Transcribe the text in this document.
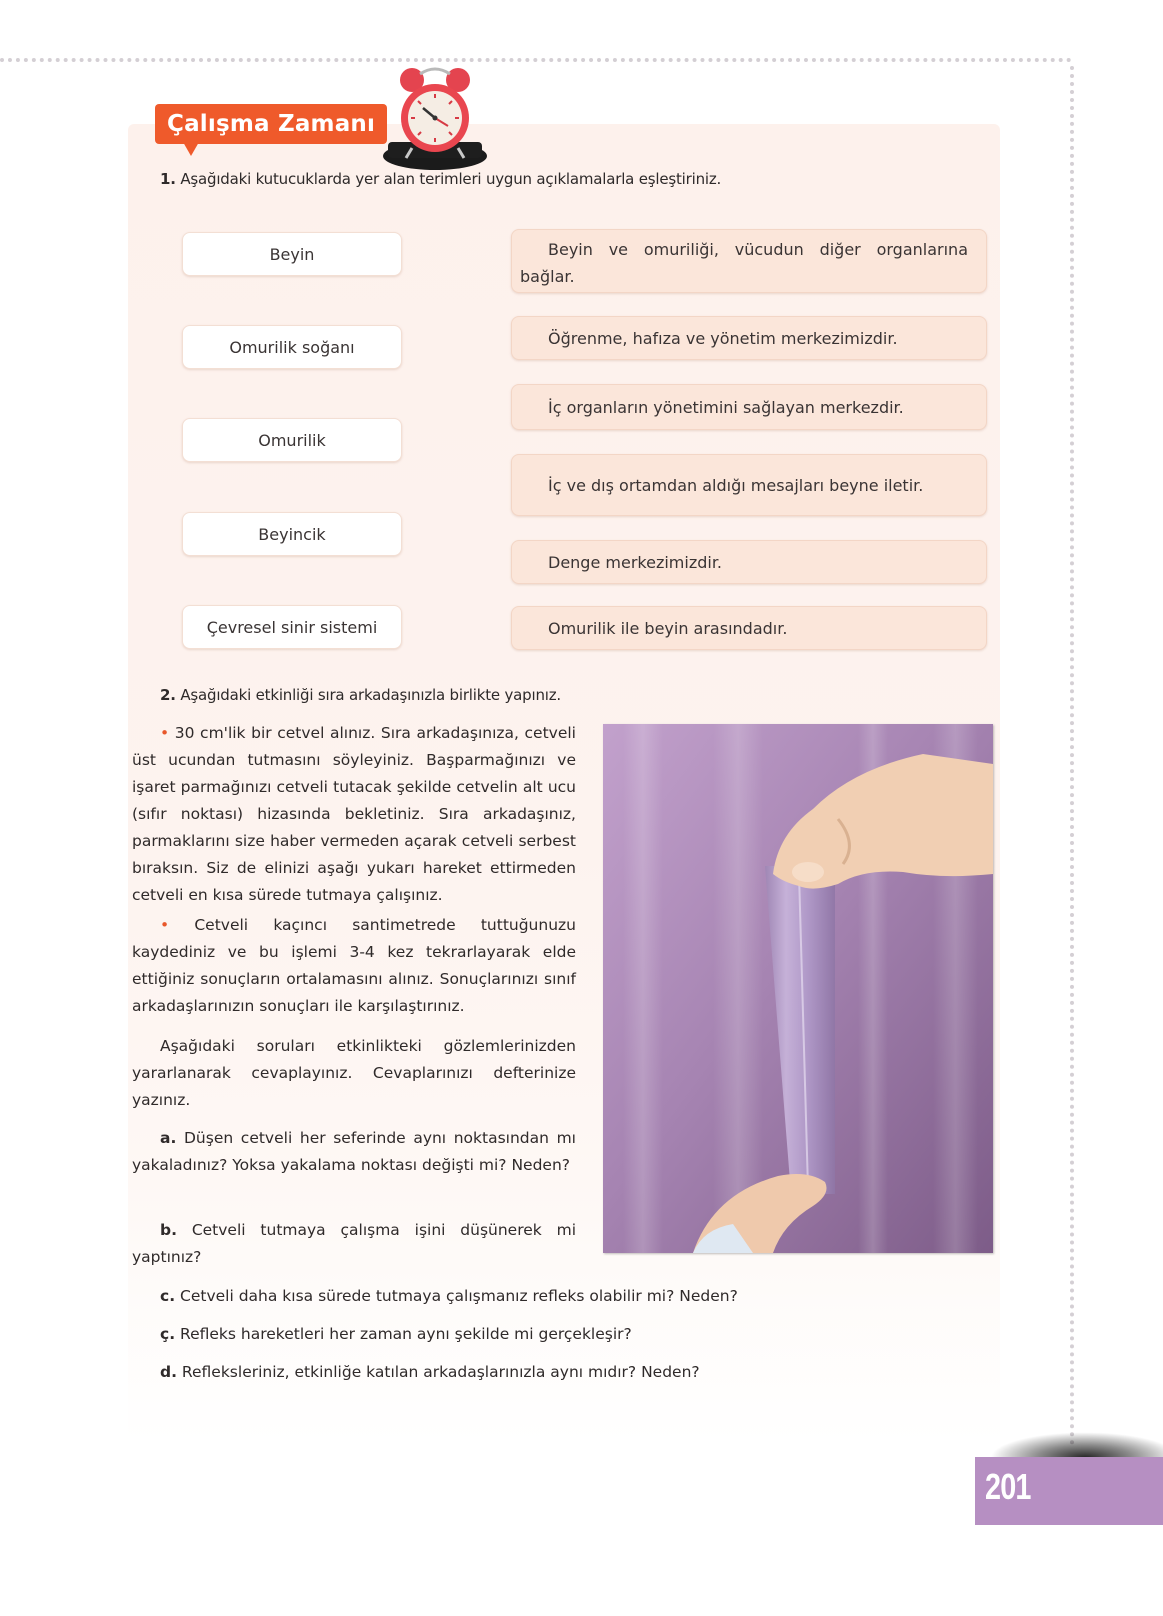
Çalışma Zamanı
1. Aşağıdaki kutucuklarda yer alan terimleri uygun açıklamalarla eşleştiriniz.
Beyin
Omurilik soğanı
Omurilik
Beyincik
Çevresel sinir sistemi
Beyin ve omuriliği, vücudun diğer organlarına bağlar.
Öğrenme, hafıza ve yönetim merkezimizdir.
İç organların yönetimini sağlayan merkezdir.
İç ve dış ortamdan aldığı mesajları beyne iletir.
Denge merkezimizdir.
Omurilik ile beyin arasındadır.
2. Aşağıdaki etkinliği sıra arkadaşınızla birlikte yapınız.
• 30 cm'lik bir cetvel alınız. Sıra arkadaşınıza, cetveli üst ucundan tutmasını söyleyiniz. Başparmağınızı ve işaret parmağınızı cetveli tutacak şekilde cetvelin alt ucu (sıfır noktası) hizasında bekletiniz. Sıra arkadaşınız, parmaklarını size haber vermeden açarak cetveli serbest bıraksın. Siz de elinizi aşağı yukarı hareket ettirmeden cetveli en kısa sürede tutmaya çalışınız.
• Cetveli kaçıncı santimetrede tuttuğunuzu kaydediniz ve bu işlemi 3-4 kez tekrarlayarak elde ettiğiniz sonuçların ortalamasını alınız. Sonuçlarınızı sınıf arkadaşlarınızın sonuçları ile karşılaştırınız.
Aşağıdaki soruları etkinlikteki gözlemlerinizden yararlanarak cevaplayınız. Cevaplarınızı defterinize yazınız.
a. Düşen cetveli her seferinde aynı noktasından mı yakaladınız? Yoksa yakalama noktası değişti mi? Neden?
b. Cetveli tutmaya çalışma işini düşünerek mi yaptınız?
c. Cetveli daha kısa sürede tutmaya çalışmanız refleks olabilir mi? Neden?
ç. Refleks hareketleri her zaman aynı şekilde mi gerçekleşir?
d. Refleksleriniz, etkinliğe katılan arkadaşlarınızla aynı mıdır? Neden?
201
